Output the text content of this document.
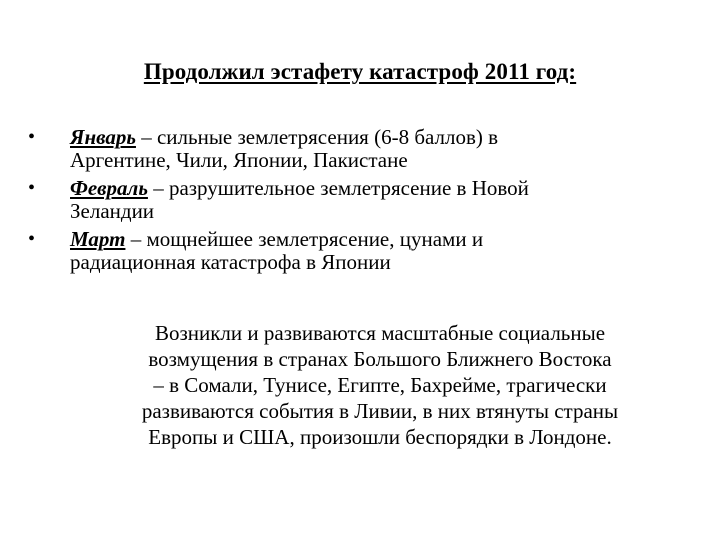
Продолжил эстафету катастроф 2011 год:
•	Январь – сильные землетрясения (6-8 баллов) в
Аргентине, Чили, Японии, Пакистане
•	Февраль – разрушительное землетрясение в Новой
Зеландии
•	Март – мощнейшее землетрясение, цунами и
радиационная катастрофа в Японии
Возникли и развиваются масштабные социальные
возмущения в странах Большого Ближнего Востока
– в Сомали, Тунисе, Египте, Бахрейме, трагически
развиваются события в Ливии, в них втянуты страны
Европы и США, произошли беспорядки в Лондоне.
